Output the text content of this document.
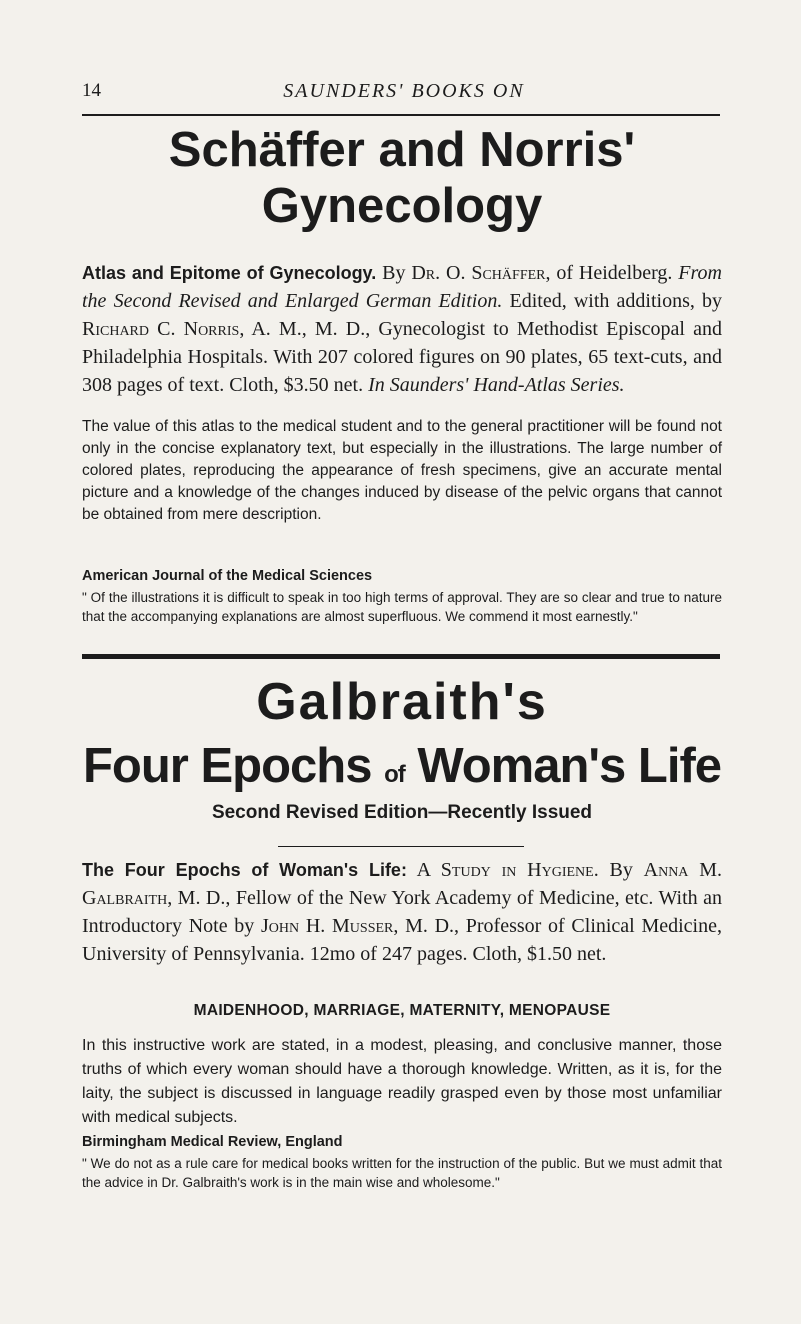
14	SAUNDERS' BOOKS ON
Schäffer and Norris'
Gynecology
Atlas and Epitome of Gynecology. By Dr. O. Schäffer, of Heidelberg. From the Second Revised and Enlarged German Edition. Edited, with additions, by Richard C. Norris, A. M., M. D., Gynecologist to Methodist Episcopal and Philadelphia Hospitals. With 207 colored figures on 90 plates, 65 text-cuts, and 308 pages of text. Cloth, $3.50 net. In Saunders' Hand-Atlas Series.
The value of this atlas to the medical student and to the general practitioner will be found not only in the concise explanatory text, but especially in the illustrations. The large number of colored plates, reproducing the appearance of fresh specimens, give an accurate mental picture and a knowledge of the changes induced by disease of the pelvic organs that cannot be obtained from mere description.
American Journal of the Medical Sciences
" Of the illustrations it is difficult to speak in too high terms of approval. They are so clear and true to nature that the accompanying explanations are almost superfluous. We commend it most earnestly."
Galbraith's
Four Epochs of Woman's Life
Second Revised Edition—Recently Issued
The Four Epochs of Woman's Life: A Study in Hygiene. By Anna M. Galbraith, M. D., Fellow of the New York Academy of Medicine, etc. With an Introductory Note by John H. Musser, M. D., Professor of Clinical Medicine, University of Pennsylvania. 12mo of 247 pages. Cloth, $1.50 net.
MAIDENHOOD, MARRIAGE, MATERNITY, MENOPAUSE
In this instructive work are stated, in a modest, pleasing, and conclusive manner, those truths of which every woman should have a thorough knowledge. Written, as it is, for the laity, the subject is discussed in language readily grasped even by those most unfamiliar with medical subjects.
Birmingham Medical Review, England
" We do not as a rule care for medical books written for the instruction of the public. But we must admit that the advice in Dr. Galbraith's work is in the main wise and wholesome."
